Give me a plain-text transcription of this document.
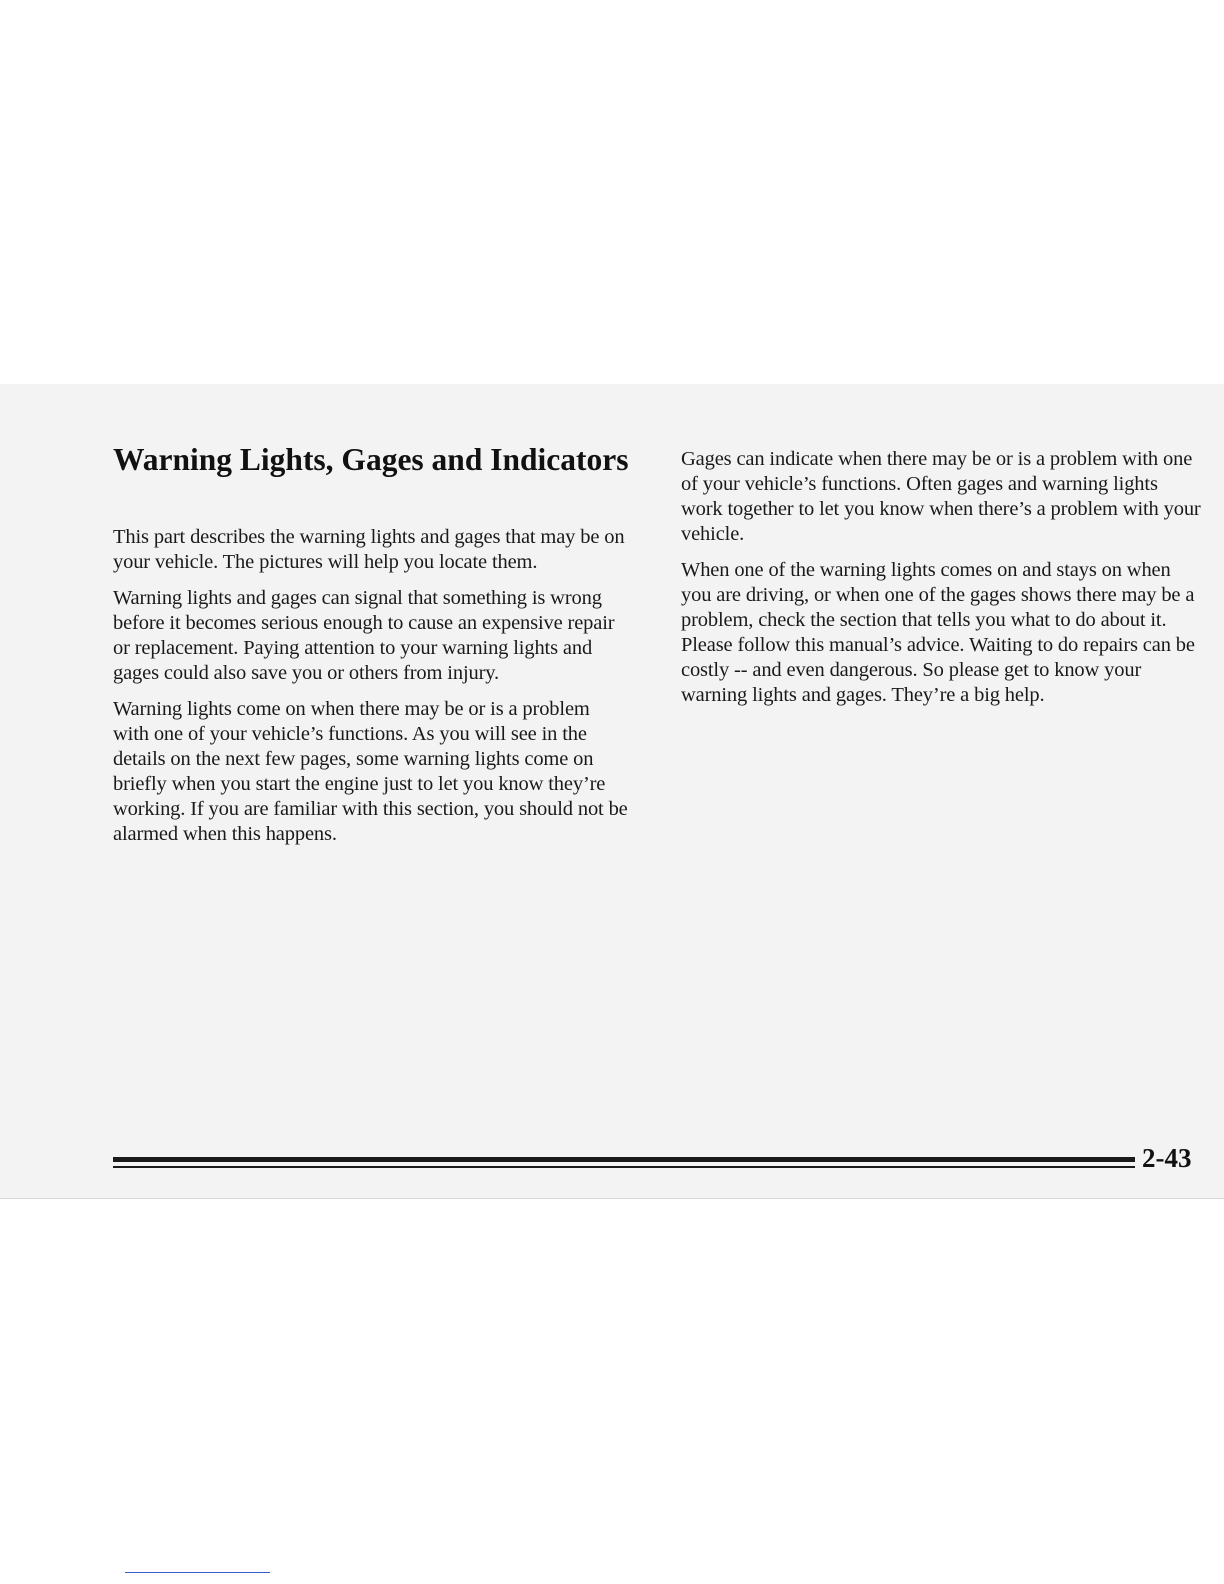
Warning Lights, Gages and Indicators

This part describes the warning lights and gages that may be on your vehicle. The pictures will help you locate them.

Warning lights and gages can signal that something is wrong before it becomes serious enough to cause an expensive repair or replacement. Paying attention to your warning lights and gages could also save you or others from injury.

Warning lights come on when there may be or is a problem with one of your vehicle’s functions. As you will see in the details on the next few pages, some warning lights come on briefly when you start the engine just to let you know they’re working. If you are familiar with this section, you should not be alarmed when this happens.

Gages can indicate when there may be or is a problem with one of your vehicle’s functions. Often gages and warning lights work together to let you know when there’s a problem with your vehicle.

When one of the warning lights comes on and stays on when you are driving, or when one of the gages shows there may be a problem, check the section that tells you what to do about it. Please follow this manual’s advice. Waiting to do repairs can be costly -- and even dangerous. So please get to know your warning lights and gages. They’re a big help.

2-43
